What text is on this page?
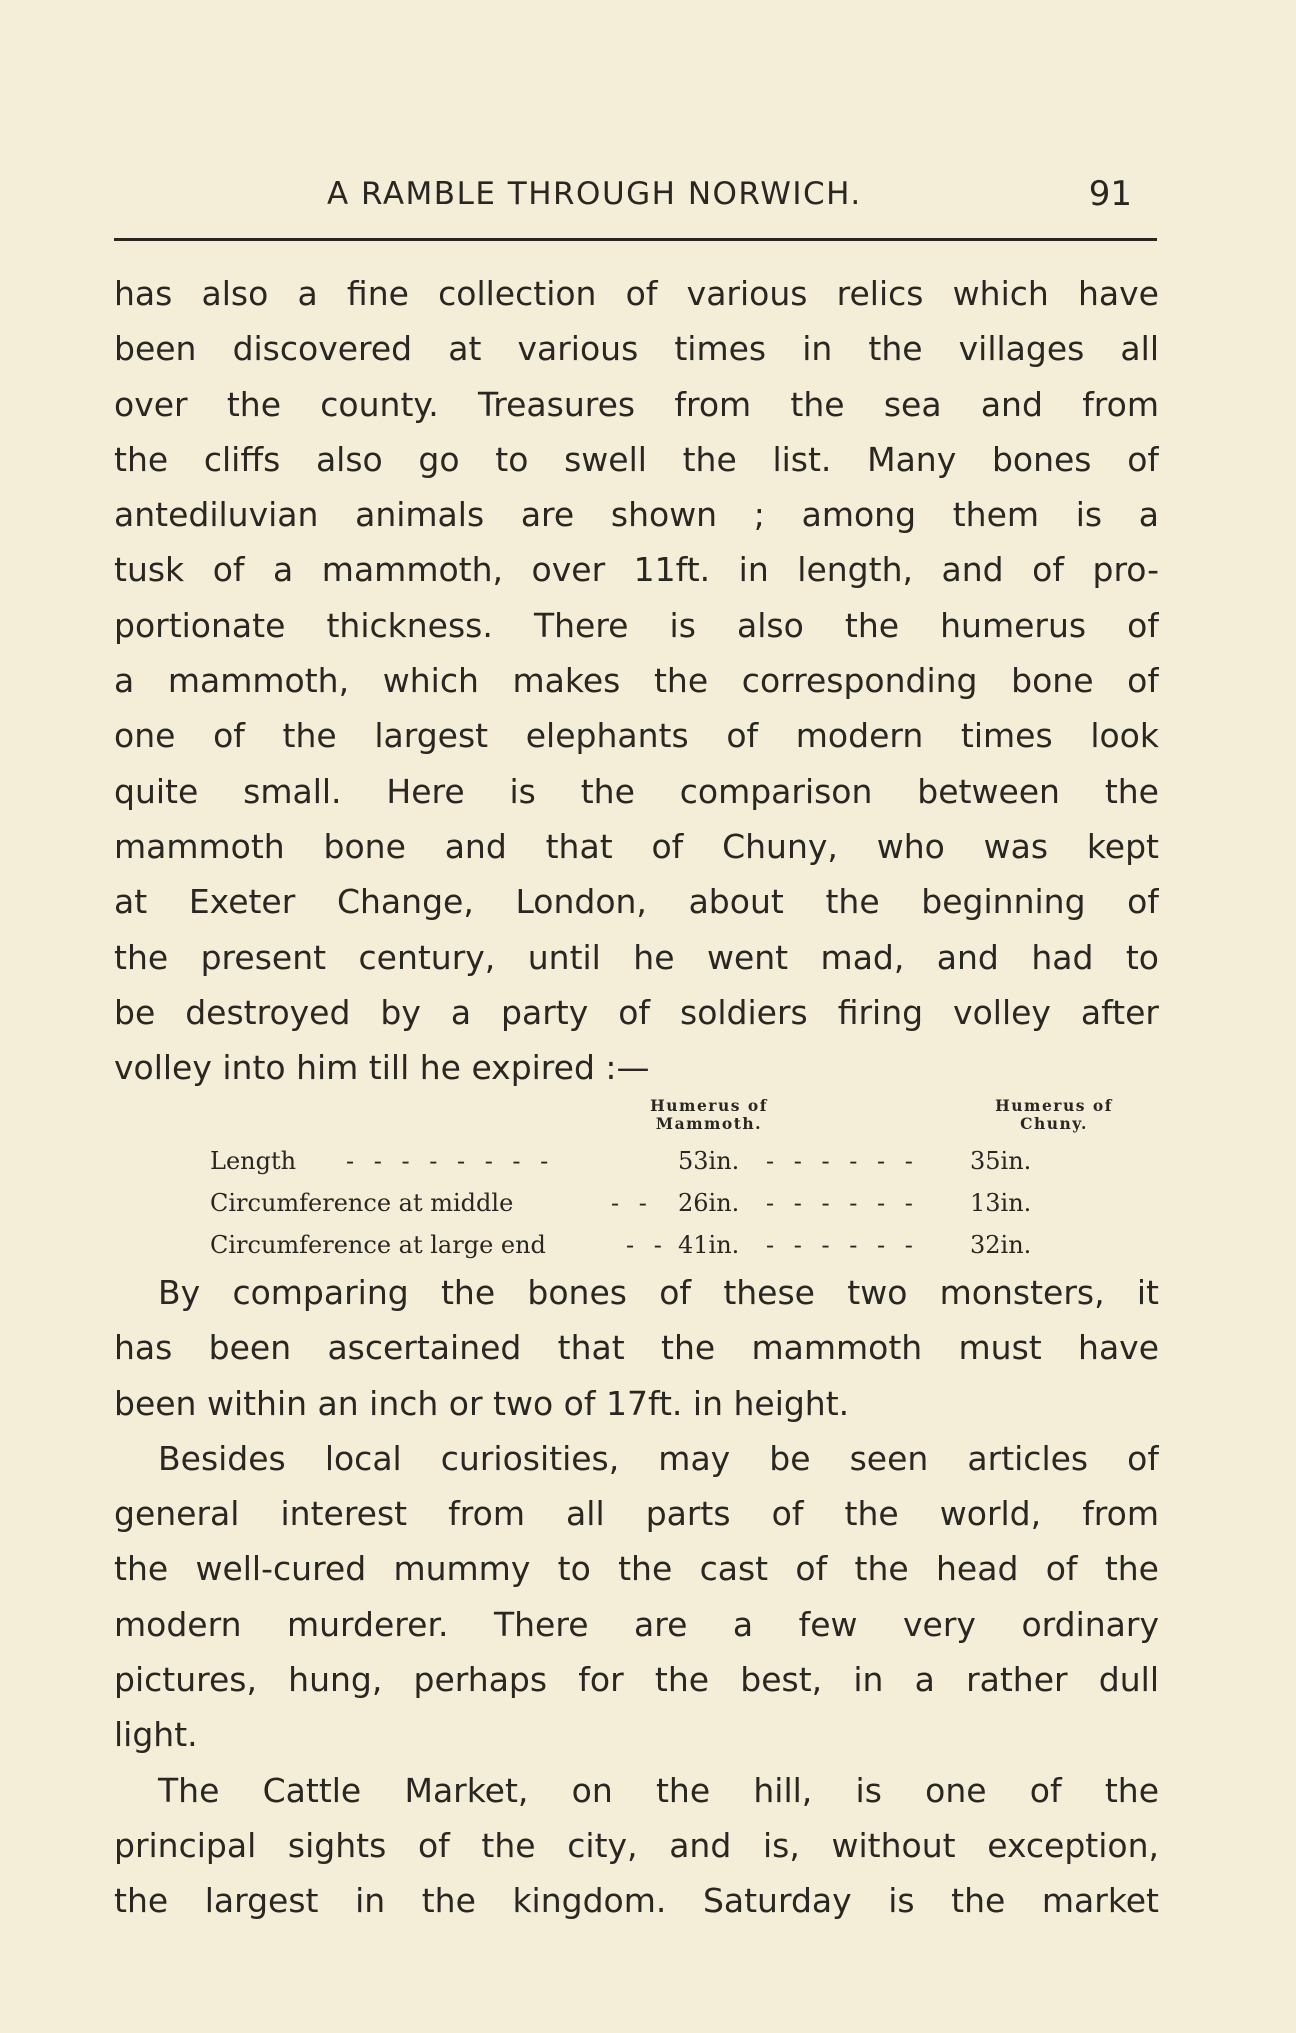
A RAMBLE THROUGH NORWICH.	91
has also a fine collection of various relics which have
been discovered at various times in the villages all
over the county. Treasures from the sea and from
the cliffs also go to swell the list. Many bones of
antediluvian animals are shown ; among them is a
tusk of a mammoth, over 11ft. in length, and of pro-
portionate thickness. There is also the humerus of
a mammoth, which makes the corresponding bone of
one of the largest elephants of modern times look
quite small. Here is the comparison between the
mammoth bone and that of Chuny, who was kept
at Exeter Change, London, about the beginning of
the present century, until he went mad, and had to
be destroyed by a party of soldiers firing volley after
volley into him till he expired :—
Humerus of
Mammoth.
Humerus of
Chuny.
Length - - - - - - - -	53in. - - - - - - 35in.
Circumference at middle	- - 26in. - - - - - - 13in.
Circumference at large end	- - 41in. - - - - - - 32in.
By comparing the bones of these two monsters, it
has been ascertained that the mammoth must have
been within an inch or two of 17ft. in height.
Besides local curiosities, may be seen articles of
general interest from all parts of the world, from
the well-cured mummy to the cast of the head of the
modern murderer. There are a few very ordinary
pictures, hung, perhaps for the best, in a rather dull
light.
The Cattle Market, on the hill, is one of the
principal sights of the city, and is, without exception,
the largest in the kingdom. Saturday is the market
